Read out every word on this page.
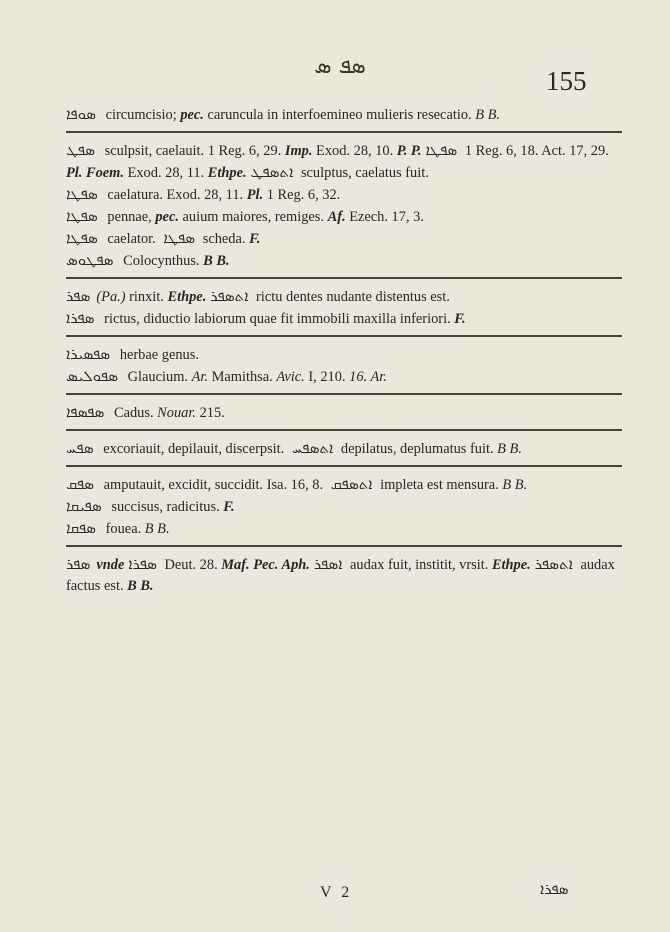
ܣܦ ܣ	155
ܣܘܦܐ circumcisio; pec. caruncula in interfoemineo mulieris resecatio. B B.
ܣܦܛ sculpsit, caelauit. 1 Reg. 6, 29. Imp. Exod. 28, 10. P. P. ܣܦܛܐ 1 Reg. 6, 18. Act. 17, 29. Pl. Foem. Exod. 28, 11. Ethpe. ܐܬܣܦܛ sculptus, caelatus fuit.
ܣܦܛܐ caelatura. Exod. 28, 11. Pl. 1 Reg. 6, 32.
ܣܦܛܐ pennae, pec. auium maiores, remiges. Af. Ezech. 17, 3.
ܣܦܛܐ caelator. ܣܦܛܐ scheda. F.
ܣܦܛܘܣ Colocynthus. B B.
ܣܦܪ (Pa.) rinxit. Ethpe. ܐܬܣܦܪ rictu dentes nudante distentus est.
ܣܦܪܐ rictus, diductio labiorum quae fit immobili maxilla inferiori. F.
ܣܦܣܝܪܐ herbae genus.
ܣܦܘܠܝܣ Glaucium. Ar. Mamithsa. Avic. I, 210. 16. Ar.
ܣܦܣܦܐ Cadus. Nouar. 215.
ܣܦܚ excoriauit, depilauit, discerpsit. ܐܬܣܦܚ depilatus, deplumatus fuit. B B.
ܣܦܩ amputauit, excidit, succidit. Isa. 16, 8. ܐܬܣܦܩ impleta est mensura. B B.
ܣܦܝܩܐ succisus, radicitus. F.
ܣܦܩܐ fouea. B B.
ܣܦܪ vnde ܣܦܪܐ Deut. 28. Maf. Pec. Aph. ܐܣܦܪ audax fuit, institit, vrsit. Ethpe. ܐܬܣܦܪ audax factus est. B B.
V 2	ܣܦܪܐ
